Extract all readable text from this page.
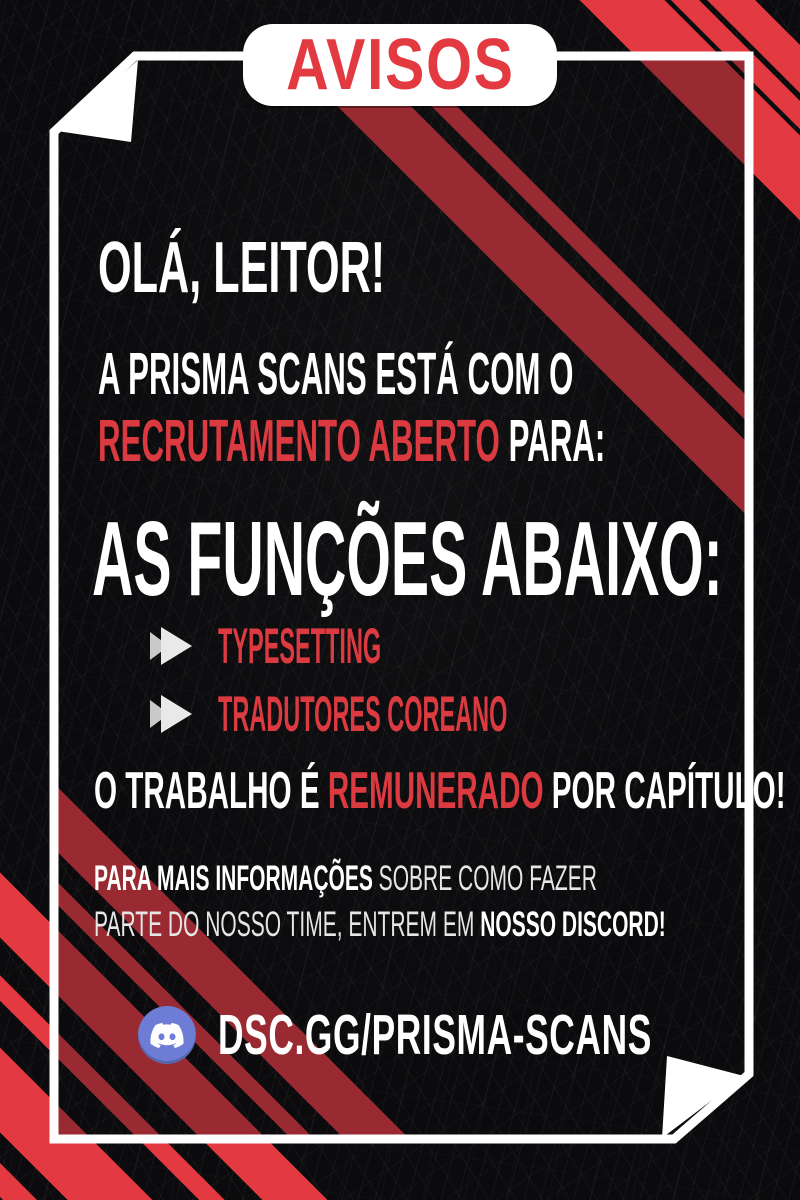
AVISOS
OLÁ, LEITOR!
A PRISMA SCANS ESTÁ COM O
RECRUTAMENTO ABERTO PARA:
AS FUNÇÕES ABAIXO:
TYPESETTING
TRADUTORES COREANO
O TRABALHO É REMUNERADO POR CAPÍTULO!
PARA MAIS INFORMAÇÕES SOBRE COMO FAZER
PARTE DO NOSSO TIME, ENTREM EM NOSSO DISCORD!
DSC.GG/PRISMA-SCANS
